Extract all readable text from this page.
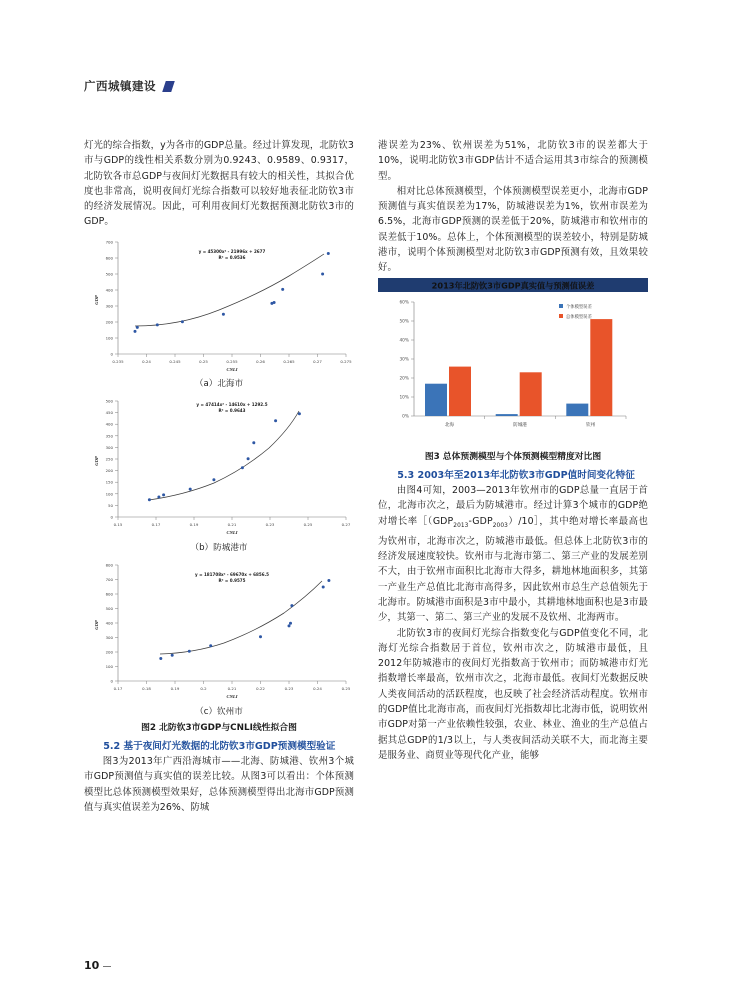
广西城镇建设

灯光的综合指数，y为各市的GDP总量。经过计算发现，北防钦3市与GDP的线性相关系数分别为0.9243、0.9589、0.9317，北防钦各市总GDP与夜间灯光数据具有较大的相关性，其拟合优度也非常高，说明夜间灯光综合指数可以较好地表征北防钦3市的经济发展情况。因此，可利用夜间灯光数据预测北防钦3市的GDP。

0
100
200
300
400
500
600
700
0.235	0.24	0.245	0.25	0.255	0.26	0.265	0.27	0.275
CNLI
GDP
y = 45300x² - 21996x + 2677
R² = 0.9536
（a）北海市
0
50
100
150
200
250
300
350
400
450
500
0.15	0.17	0.19	0.21	0.23	0.25	0.27
CNLI
GDP
y = 47414x² - 14610x + 1292.5
R² = 0.9643
（b）防城港市
0
100
200
300
400
500
600
700
800
0.17	0.18	0.19	0.2	0.21	0.22	0.23	0.24	0.25
CNLI
GDP
y = 181708x² - 69670x + 6856.5
R² = 0.9575
（c）钦州市
图2 北防钦3市GDP与CNLI线性拟合图

5.2 基于夜间灯光数据的北防钦3市GDP预测模型验证

图3为2013年广西沿海城市——北海、防城港、钦州3个城市GDP预测值与真实值的误差比较。从图3可以看出：个体预测模型比总体预测模型效果好，总体预测模型得出北海市GDP预测值与真实值误差为26%、防城

港误差为23%、钦州误差为51%，北防钦3市的误差都大于10%，说明北防钦3市GDP估计不适合运用其3市综合的预测模型。

相对比总体预测模型，个体预测模型误差更小，北海市GDP预测值与真实值误差为17%，防城港误差为1%，钦州市误差为6.5%，北海市GDP预测的误差低于20%，防城港市和钦州市的误差低于10%。总体上，个体预测模型的误差较小，特别是防城港市，说明个体预测模型对北防钦3市GDP预测有效，且效果较好。

2013年北防钦3市GDP真实值与预测值误差
0%
10%
20%
30%
40%
50%
60%
北海	防城港	钦州
个体模型误差
总体模型误差
图3 总体预测模型与个体预测模型精度对比图

5.3 2003年至2013年北防钦3市GDP值时间变化特征

由图4可知，2003—2013年钦州市的GDP总量一直居于首位，北海市次之，最后为防城港市。经过计算3个城市的GDP绝对增长率$[(GDP_{2013}-GDP_{2003})/10]$，其中绝对增长率最高也为钦州市，北海市次之，防城港市最低。但总体上北防钦3市的经济发展速度较快。钦州市与北海市第二、第三产业的发展差别不大，由于钦州市面积比北海市大得多，耕地林地面积多，其第一产业生产总值比北海市高得多，因此钦州市总生产总值领先于北海市。防城港市面积是3市中最小，其耕地林地面积也是3市最少，其第一、第二、第三产业的发展不及钦州、北海两市。

北防钦3市的夜间灯光综合指数变化与GDP值变化不同，北海灯光综合指数居于首位，钦州市次之，防城港市最低，且2012年防城港市的夜间灯光指数高于钦州市；而防城港市灯光指数增长率最高，钦州市次之，北海市最低。夜间灯光数据反映人类夜间活动的活跃程度，也反映了社会经济活动程度。钦州市的GDP值比北海市高，而夜间灯光指数却比北海市低，说明钦州市GDP对第一产业依赖性较强，农业、林业、渔业的生产总值占据其总GDP的1/3以上，与人类夜间活动关联不大，而北海主要是服务业、商贸业等现代化产业，能够

10
